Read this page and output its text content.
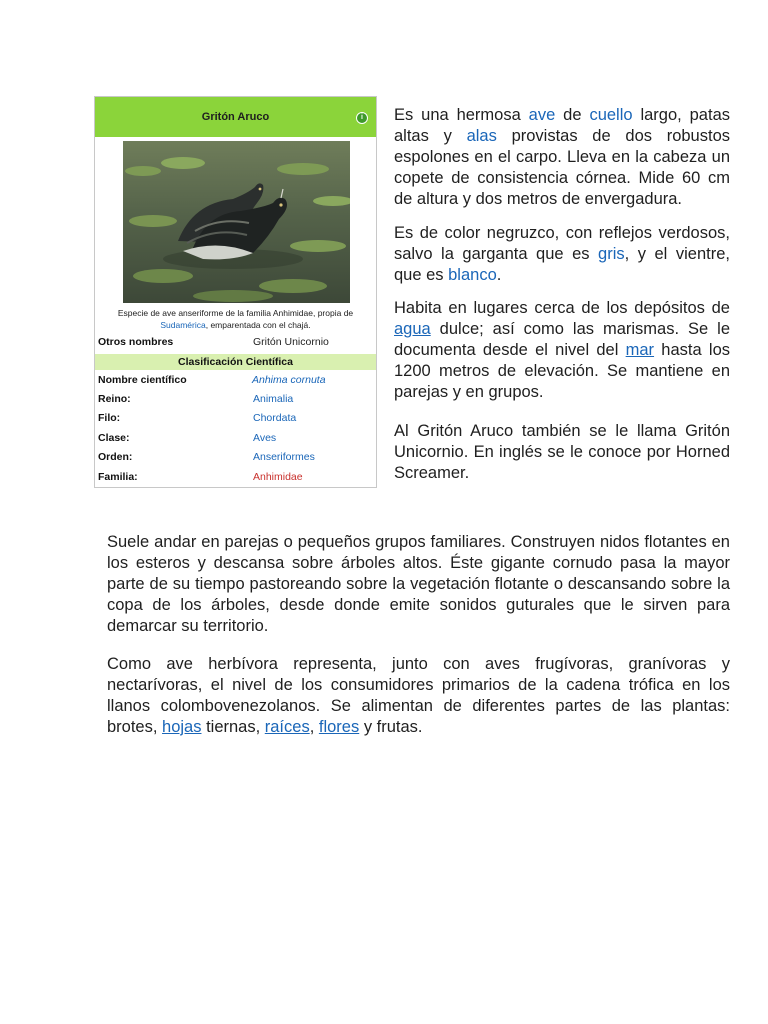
Gritón Aruco	i
Especie de ave anseriforme de la familia Anhimidae, propia de Sudamérica, emparentada con el chajá.
Otros nombres	Gritón Unicornio
Clasificación Científica
Nombre científico	Anhima cornuta
Reino:	Animalia
Filo:	Chordata
Clase:	Aves
Orden:	Anseriformes
Familia:	Anhimidae

Es una hermosa ave de cuello largo, patas altas y alas provistas de dos robustos espolones en el carpo. Lleva en la cabeza un copete de consistencia córnea. Mide 60 cm de altura y dos metros de envergadura.

Es de color negruzco, con reflejos verdosos, salvo la garganta que es gris, y el vientre, que es blanco.

Habita en lugares cerca de los depósitos de agua dulce; así como las marismas. Se le documenta desde el nivel del mar hasta los 1200 metros de elevación. Se mantiene en parejas y en grupos.

Al Gritón Aruco también se le llama Gritón Unicornio. En inglés se le conoce por Horned Screamer.

Suele andar en parejas o pequeños grupos familiares. Construyen nidos flotantes en los esteros y descansa sobre árboles altos. Éste gigante cornudo pasa la mayor parte de su tiempo pastoreando sobre la vegetación flotante o descansando sobre la copa de los árboles, desde donde emite sonidos guturales que le sirven para demarcar su territorio.

Como ave herbívora representa, junto con aves frugívoras, granívoras y nectarívoras, el nivel de los consumidores primarios de la cadena trófica en los llanos colombovenezolanos. Se alimentan de diferentes partes de las plantas: brotes, hojas tiernas, raíces, flores y frutas.
